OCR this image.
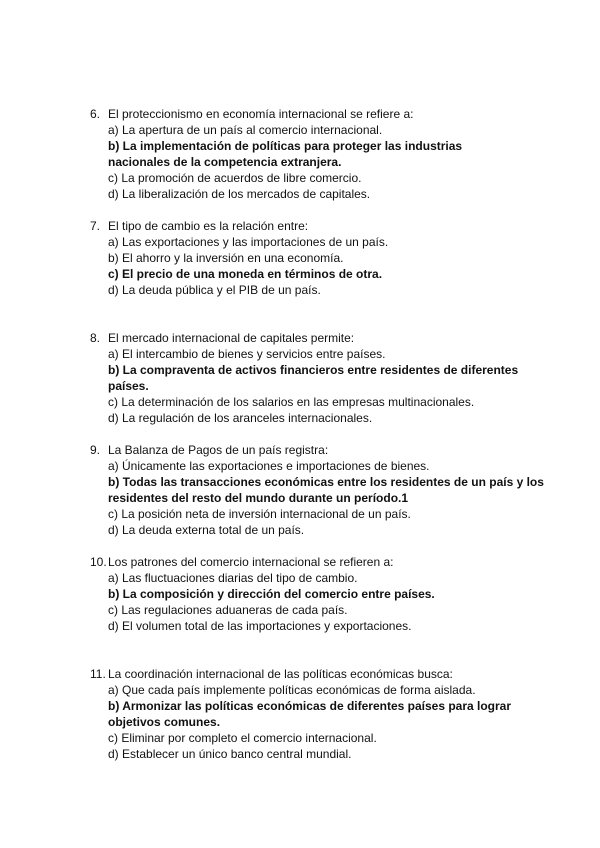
6. El proteccionismo en economía internacional se refiere a:
a) La apertura de un país al comercio internacional.
b) La implementación de políticas para proteger las industrias nacionales de la competencia extranjera.
c) La promoción de acuerdos de libre comercio.
d) La liberalización de los mercados de capitales.
7. El tipo de cambio es la relación entre:
a) Las exportaciones y las importaciones de un país.
b) El ahorro y la inversión en una economía.
c) El precio de una moneda en términos de otra.
d) La deuda pública y el PIB de un país.
8. El mercado internacional de capitales permite:
a) El intercambio de bienes y servicios entre países.
b) La compraventa de activos financieros entre residentes de diferentes países.
c) La determinación de los salarios en las empresas multinacionales.
d) La regulación de los aranceles internacionales.
9. La Balanza de Pagos de un país registra:
a) Únicamente las exportaciones e importaciones de bienes.
b) Todas las transacciones económicas entre los residentes de un país y los residentes del resto del mundo durante un período.1
c) La posición neta de inversión internacional de un país.
d) La deuda externa total de un país.
10. Los patrones del comercio internacional se refieren a:
a) Las fluctuaciones diarias del tipo de cambio.
b) La composición y dirección del comercio entre países.
c) Las regulaciones aduaneras de cada país.
d) El volumen total de las importaciones y exportaciones.
11. La coordinación internacional de las políticas económicas busca:
a) Que cada país implemente políticas económicas de forma aislada.
b) Armonizar las políticas económicas de diferentes países para lograr objetivos comunes.
c) Eliminar por completo el comercio internacional.
d) Establecer un único banco central mundial.
